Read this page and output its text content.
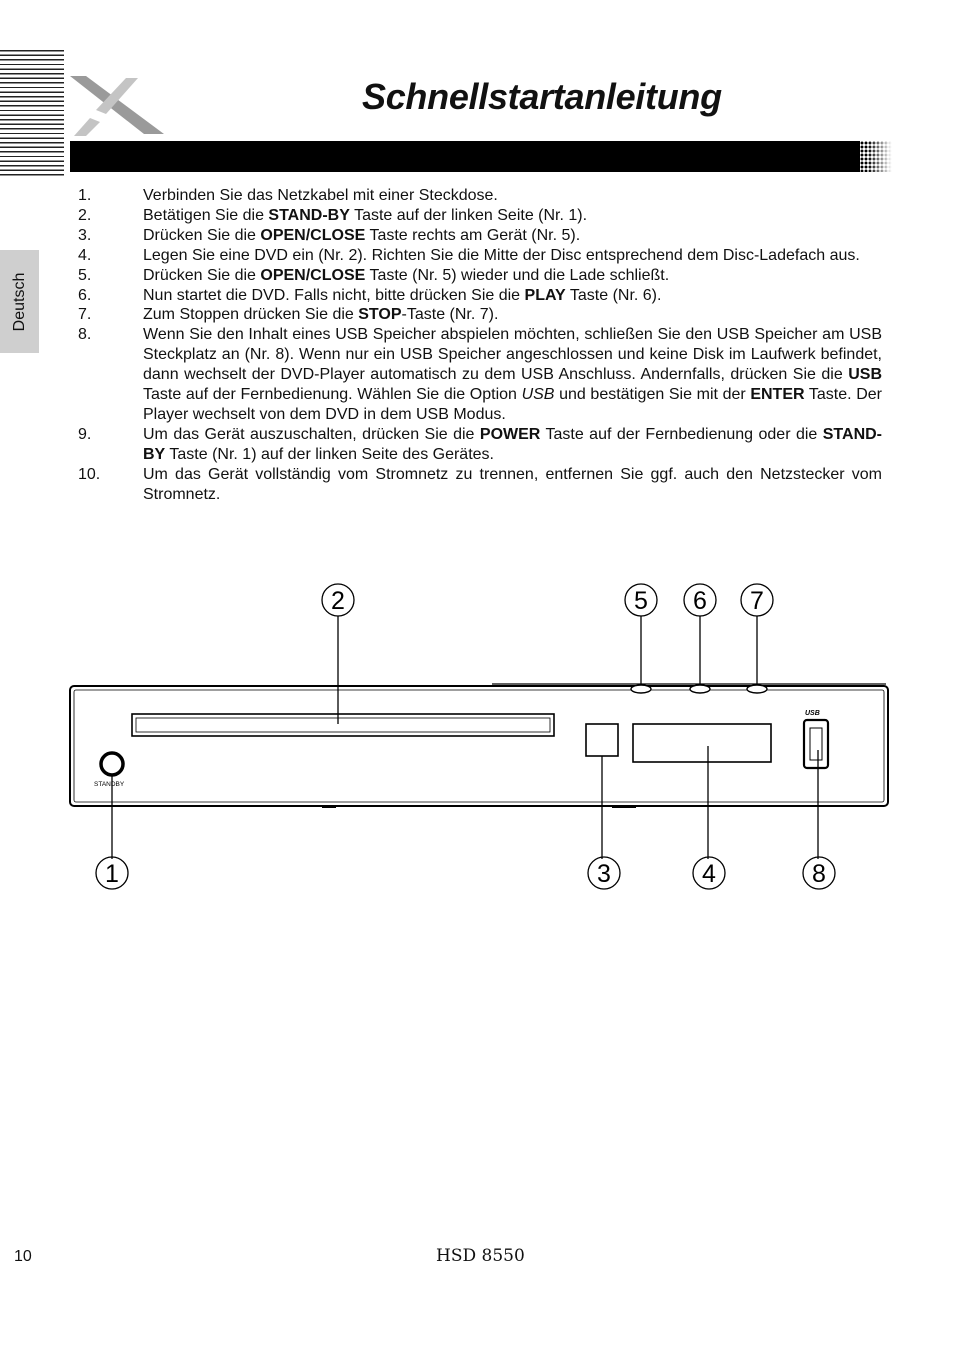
Schnellstartanleitung
Deutsch
1.	Verbinden Sie das Netzkabel mit einer Steckdose.
2.	Betätigen Sie die STAND-BY Taste auf der linken Seite (Nr. 1).
3.	Drücken Sie die OPEN/CLOSE Taste rechts am Gerät (Nr. 5).
4.	Legen Sie eine DVD ein (Nr. 2). Richten Sie die Mitte der Disc entsprechend dem Disc-Ladefach aus.
5.	Drücken Sie die OPEN/CLOSE Taste (Nr. 5) wieder und die Lade schließt.
6.	Nun startet die DVD. Falls nicht, bitte drücken Sie die PLAY Taste (Nr. 6).
7.	Zum Stoppen drücken Sie die STOP-Taste (Nr. 7).
8.	Wenn Sie den Inhalt eines USB Speicher abspielen möchten, schließen Sie den USB Speicher am USB Steckplatz an (Nr. 8). Wenn nur ein USB Speicher angeschlossen und keine Disk im Laufwerk befindet, dann wechselt der DVD-Player automatisch zu dem USB Anschluss. Andernfalls, drücken Sie die USB Taste auf der Fernbedienung. Wählen Sie die Option USB und bestätigen Sie mit der ENTER Taste. Der Player wechselt von dem DVD in dem USB Modus.
9.	Um das Gerät auszuschalten, drücken Sie die POWER Taste auf der Fernbedienung oder die STAND-BY Taste (Nr. 1) auf der linken Seite des Gerätes.
10.	Um das Gerät vollständig vom Stromnetz zu trennen, entfernen Sie ggf. auch den Netzstecker vom Stromnetz.
STANDBY
USB
2	5 6 7
1	3	4	8
10	HSD 8550
